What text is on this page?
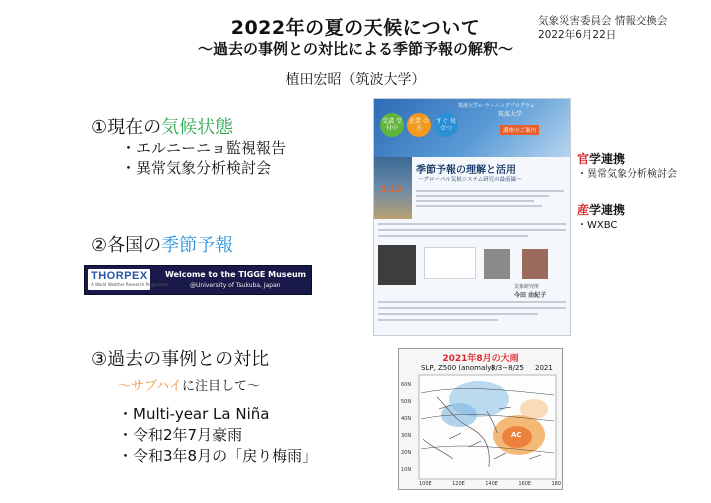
2022年の夏の天候について
〜過去の事例との対比による季節予報の解釈〜
植田宏昭（筑波大学）
気象災害委員会 情報交換会
2022年6月22日
①現在の気候状態
・エルニーニョ監視報告
・異常気象分析検討会
②各国の季節予報
THORPEX
A World Weather Research Programme
Welcome to the TIGGE Museum
@University of Tsukuba, Japan
③過去の事例との対比
〜サブハイに注目して〜
・Multi-year La Niña
・令和2年7月豪雨
・令和3年8月の「戻り梅雨」
筑波大学ｅ-ラーニングプログラム
筑波大学
講座のご案内
受講 受付中
企業 の方
すぐ 役立つ
5.12
季節予報の理解と活用
〜グローバル気候システム研究の最前線〜
気象研究所
今田 由紀子
官学連携
・異常気象分析検討会
産学連携
・WXBC
2021年8月の大雨
SLP, Z500 (anomaly)
8/3−8/25 2021
AC
60N
50N
40N
30N
20N
10N
100E	120E	140E	160E	180
